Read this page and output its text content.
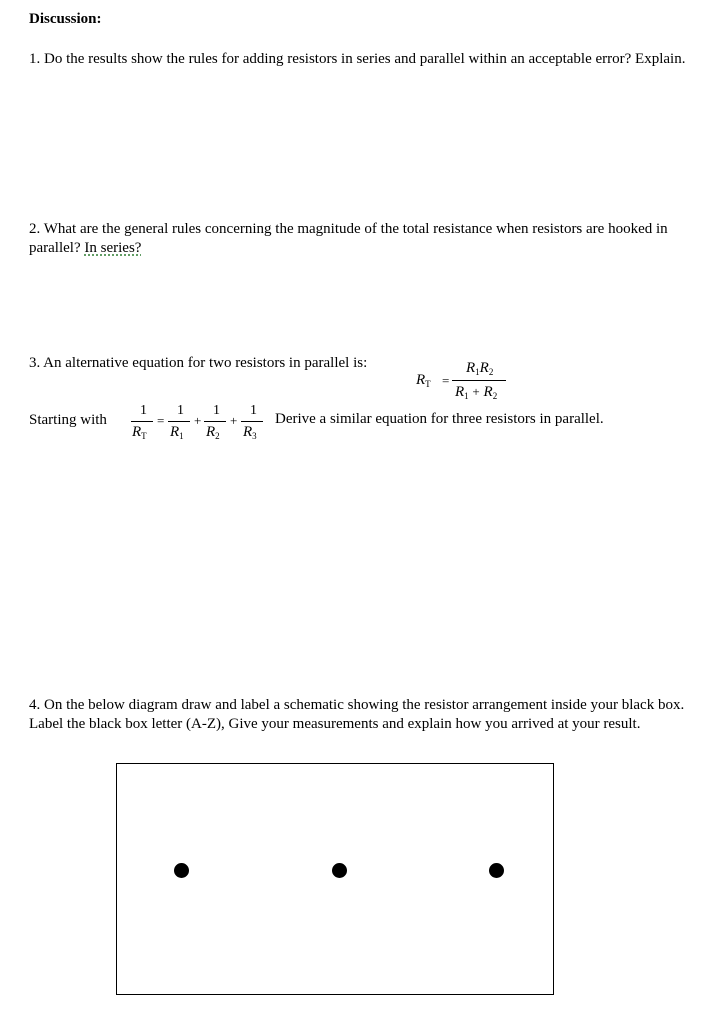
Discussion:
1. Do the results show the rules for adding resistors in series and parallel within an acceptable error? Explain.
2. What are the general rules concerning the magnitude of the total resistance when resistors are hooked in parallel? In series?
3. An alternative equation for two resistors in parallel is:
$R_T$ =
$R_1R_2$
$R_1 + R_2$
Starting with
1
$R_T$
=
1
$R_1$
+
1
$R_2$
+
1
$R_3$
Derive a similar equation for three resistors in parallel.
4. On the below diagram draw and label a schematic showing the resistor arrangement inside your black box. Label the black box letter (A-Z), Give your measurements and explain how you arrived at your result.
